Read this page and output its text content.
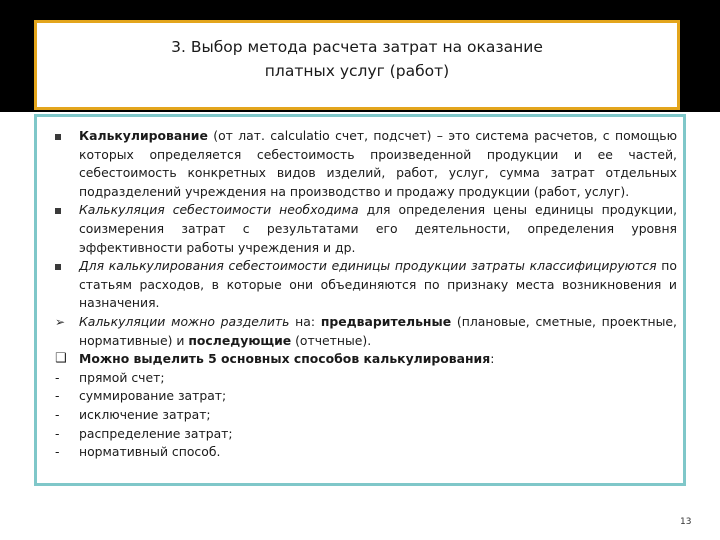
3. Выбор метода расчета затрат на оказание
платных услуг (работ)
Калькулирование (от лат. calculatio счет, подсчет) – это система расчетов, с помощью которых определяется себестоимость произведенной продукции и ее частей, себестоимость конкретных видов изделий, работ, услуг, сумма затрат отдельных подразделений учреждения на производство и продажу продукции (работ, услуг).
Калькуляция себестоимости необходима для определения цены единицы продукции, соизмерения затрат с результатами его деятельности, определения уровня эффективности работы учреждения и др.
Для калькулирования себестоимости единицы продукции затраты классифицируются по статьям расходов, в которые они объединяются по признаку места возникновения и назначения.
➢	Калькуляции можно разделить на: предварительные (плановые, сметные, проектные, нормативные) и последующие (отчетные).
❑ Можно выделить 5 основных способов калькулирования:
-	прямой счет;
-	суммирование затрат;
-	исключение затрат;
-	распределение затрат;
-	нормативный способ.
13
